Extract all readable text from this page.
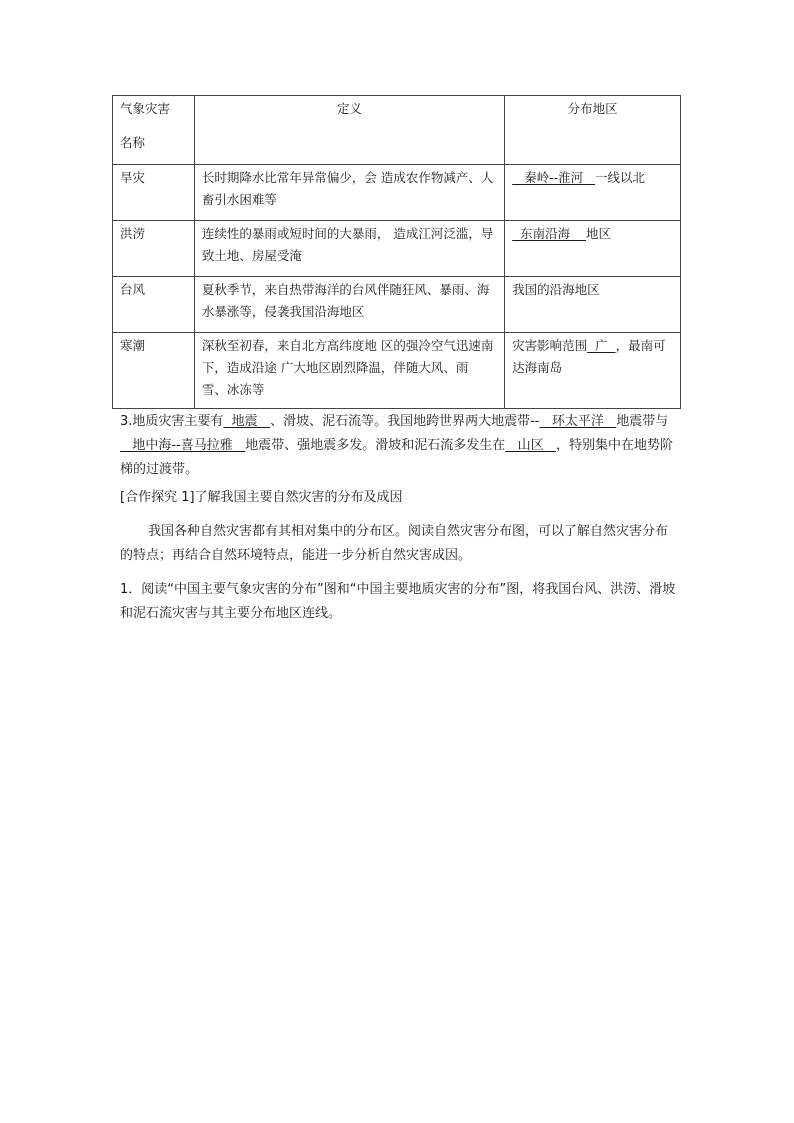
气象灾害
名称	定义	分布地区
旱灾	长时期降水比常年异常偏少，会 造成农作物减产、人畜引水困难等	秦岭--淮河   一线以北
洪涝	连续性的暴雨或短时间的大暴雨， 造成江河泛滥，导致土地、房屋受淹	东南沿海    地区
台风	夏秋季节，来自热带海洋的台风伴随狂风、暴雨、海水暴涨等，侵袭我国沿海地区	我国的沿海地区
寒潮	深秋至初春，来自北方高纬度地 区的强冷空气迅速南下，造成沿途 广大地区剧烈降温，伴随大风、雨 雪、冰冻等	灾害影响范围  广  ，最南可达海南岛
3.地质灾害主要有  地震   、滑坡、泥石流等。我国地跨世界两大地震带--   环太平洋   地震带与   地中海--喜马拉雅   地震带、强地震多发。滑坡和泥石流多发生在   山区   ，特别集中在地势阶梯的过渡带。
[合作探究 1]了解我国主要自然灾害的分布及成因
我国各种自然灾害都有其相对集中的分布区。阅读自然灾害分布图，可以了解自然灾害分布的特点；再结合自然环境特点，能进一步分析自然灾害成因。
1．阅读“中国主要气象灾害的分布”图和“中国主要地质灾害的分布”图，将我国台风、洪涝、滑坡和泥石流灾害与其主要分布地区连线。
